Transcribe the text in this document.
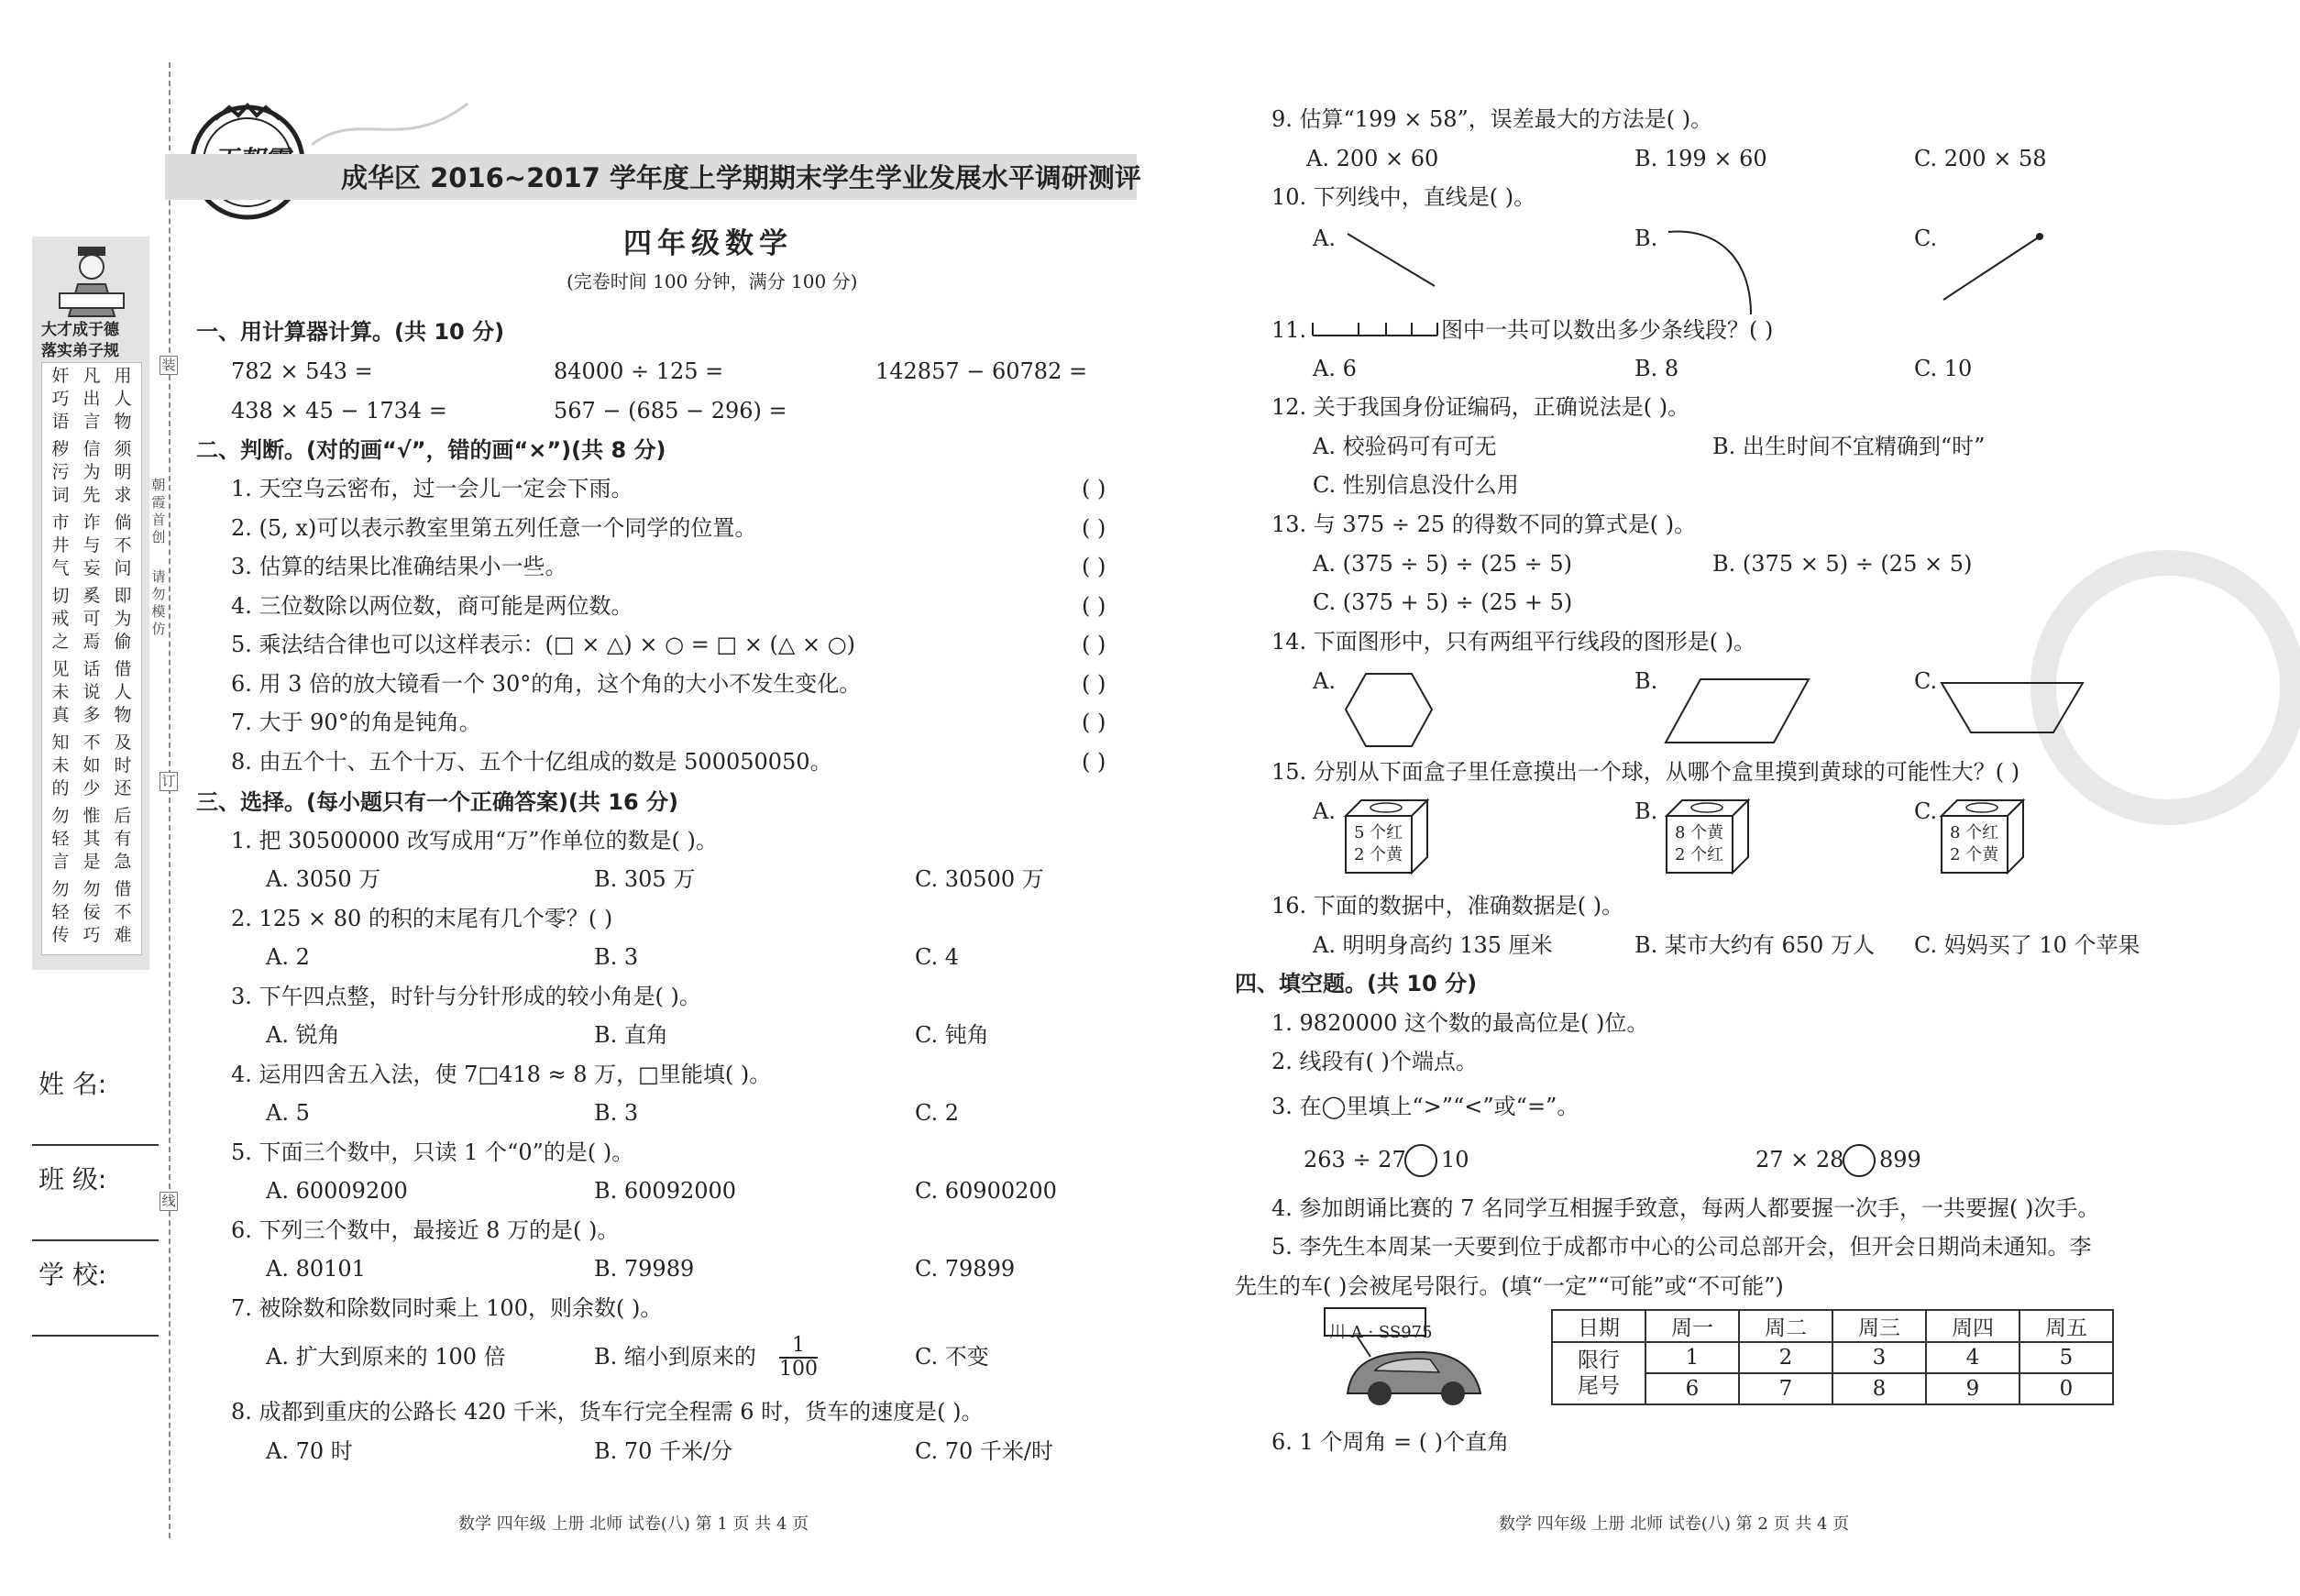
大才成于德
落实弟子规
用人物
凡出言
奸巧语
须明求
信为先
秽污词
倘不问
诈与妄
市井气
即为偷
奚可焉
切戒之
借人物
话说多
见未真
及时还
不如少
知未的
后有急
惟其是
勿轻言
借不难
勿佞巧
勿轻传
姓 名:
班 级:
学 校:
装
朝霞首创
请勿模仿
订
线
成华区 2016~2017 学年度上学期期末学生学业发展水平调研测评
四年级数学
(完卷时间 100 分钟，满分 100 分)
一、用计算器计算。(共 10 分)
782 × 543 =	84000 ÷ 125 =	142857 − 60782 =
438 × 45 − 1734 =	567 − (685 − 296) =
二、判断。(对的画“√”，错的画“×”)(共 8 分)
1. 天空乌云密布，过一会儿一定会下雨。	( )
2. (5, x)可以表示教室里第五列任意一个同学的位置。	( )
3. 估算的结果比准确结果小一些。	( )
4. 三位数除以两位数，商可能是两位数。	( )
5. 乘法结合律也可以这样表示：(□ × △) × ○ = □ × (△ × ○)	( )
6. 用 3 倍的放大镜看一个 30°的角，这个角的大小不发生变化。	( )
7. 大于 90°的角是钝角。	( )
8. 由五个十、五个十万、五个十亿组成的数是 500050050。	( )
三、选择。(每小题只有一个正确答案)(共 16 分)
1. 把 30500000 改写成用“万”作单位的数是( )。
A. 3050 万	B. 305 万	C. 30500 万
2. 125 × 80 的积的末尾有几个零？( )
A. 2	B. 3	C. 4
3. 下午四点整，时针与分针形成的较小角是( )。
A. 锐角	B. 直角	C. 钝角
4. 运用四舍五入法，使 7□418 ≈ 8 万，□里能填( )。
A. 5	B. 3	C. 2
5. 下面三个数中，只读 1 个“0”的是( )。
A. 60009200	B. 60092000	C. 60900200
6. 下列三个数中，最接近 8 万的是( )。
A. 80101	B. 79989	C. 79899
7. 被除数和除数同时乘上 100，则余数( )。
A. 扩大到原来的 100 倍	B. 缩小到原来的	C. 不变
8. 成都到重庆的公路长 420 千米，货车行完全程需 6 时，货车的速度是( )。
A. 70 时	B. 70 千米/分	C. 70 千米/时
$\frac{1}{100}$
数学 四年级 上册 北师 试卷(八) 第 1 页 共 4 页	数学 四年级 上册 北师 试卷(八) 第 2 页 共 4 页
9. 估算“199 × 58”，误差最大的方法是( )。
A. 200 × 60	B. 199 × 60	C. 200 × 58
10. 下列线中，直线是( )。
A.	B.	C.
11.	图中一共可以数出多少条线段？( )
A. 6	B. 8	C. 10
12. 关于我国身份证编码，正确说法是( )。
A. 校验码可有可无	B. 出生时间不宜精确到“时”
C. 性别信息没什么用
13. 与 375 ÷ 25 的得数不同的算式是( )。
A. (375 ÷ 5) ÷ (25 ÷ 5)	B. (375 × 5) ÷ (25 × 5)
C. (375 + 5) ÷ (25 + 5)
14. 下面图形中，只有两组平行线段的图形是( )。
A.	B.	C.
15. 分别从下面盒子里任意摸出一个球，从哪个盒里摸到黄球的可能性大？( )
A.	B.	C.
5 个红
2 个黄
8 个黄
2 个红
8 个红
2 个黄
16. 下面的数据中，准确数据是( )。
A. 明明身高约 135 厘米	B. 某市大约有 650 万人 C. 妈妈买了 10 个苹果
四、填空题。(共 10 分)
1. 9820000 这个数的最高位是( )位。
2. 线段有( )个端点。
3. 在◯里填上“>”“<”或“=”。
263 ÷ 27 10	27 × 28 899
4. 参加朗诵比赛的 7 名同学互相握手致意，每两人都要握一次手，一共要握( )次手。
5. 李先生本周某一天要到位于成都市中心的公司总部开会，但开会日期尚未通知。李
先生的车( )会被尾号限行。(填“一定”“可能”或“不可能”)
川 A · SS975	日期	周一	周二	周三	周四	周五
限行
尾号	1	2	3	4	5
	6	7	8	9	0
6. 1 个周角 = ( )个直角
